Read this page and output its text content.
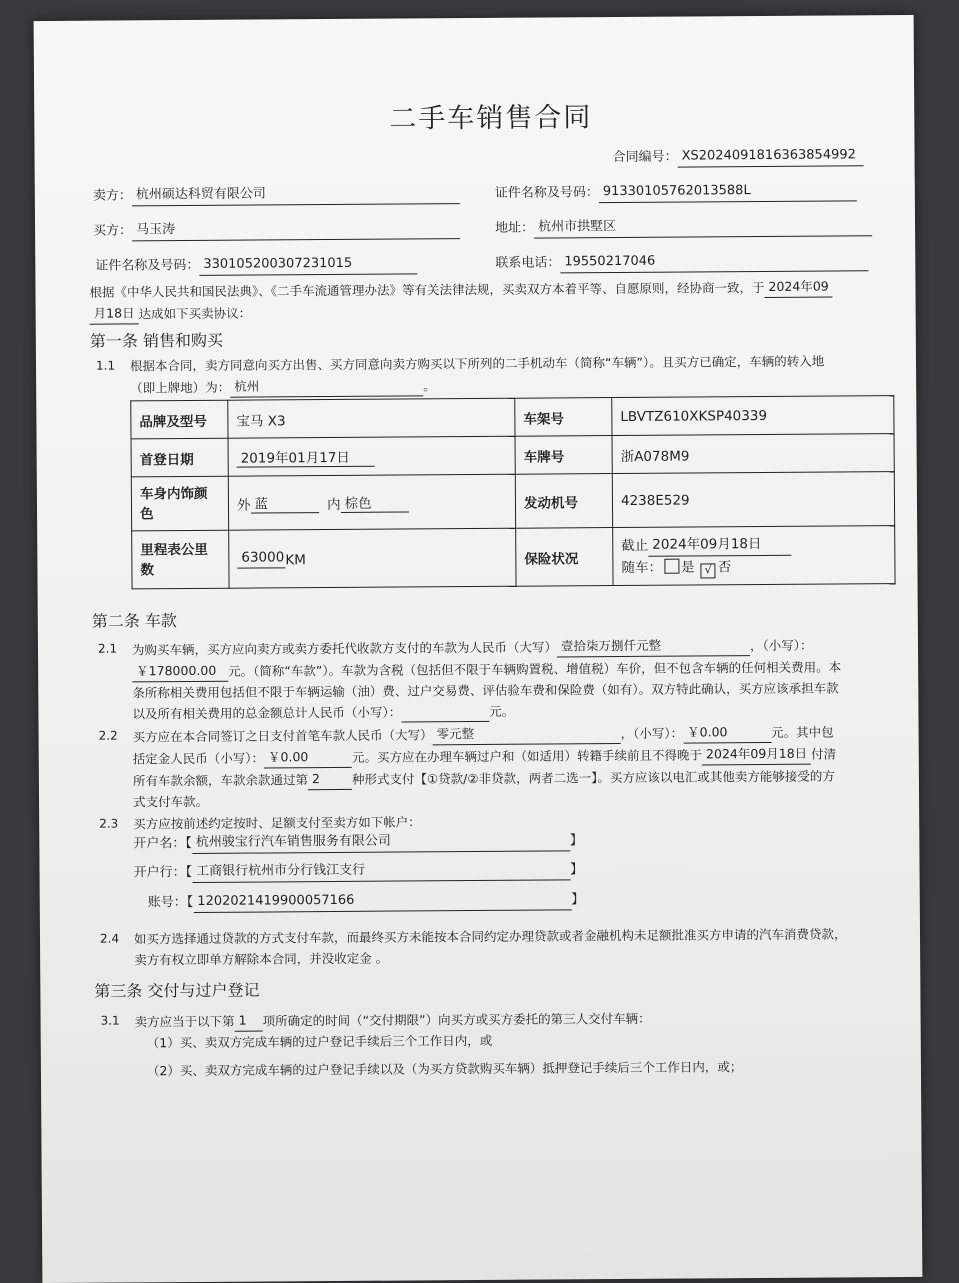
二手车销售合同
合同编号： XS2024091816363854992
卖方： 杭州硕达科贸有限公司	证件名称及号码： 91330105762013588L
买方： 马玉涛	地址： 杭州市拱墅区
证件名称及号码： 330105200307231015	联系电话： 19550217046
根据《中华人民共和国民法典》、《二手车流通管理办法》等有关法律法规，买卖双方本着平等、自愿原则，经协商一致，于 2024年09
月18日 达成如下买卖协议：
第一条 销售和购买
1.1 根据本合同，卖方同意向买方出售、买方同意向卖方购买以下所列的二手机动车（简称“车辆”）。且买方已确定，车辆的转入地
（即上牌地）为： 杭州	。
品牌及型号	宝马 X3	车架号	LBVTZ610XKSP40339
首登日期	2019年01月17日	车牌号	浙A078M9
车身内饰颜色	外 蓝 内 棕色	发动机号	4238E529
里程表公里数	63000KM	保险状况	截止 2024年09月18日
随车： 是 √ 否
第二条 车款
2.1 为购买车辆，买方应向卖方或卖方委托代收款方支付的车款为人民币（大写） 壹拾柒万捌仟元整	，（小写）：
￥178000.00 元。（简称“车款”）。车款为含税（包括但不限于车辆购置税、增值税）车价，但不包含车辆的任何相关费用。本
条所称相关费用包括但不限于车辆运输（油）费、过户交易费、评估验车费和保险费（如有）。双方特此确认，买方应该承担车款
以及所有相关费用的总金额总计人民币（小写）：	元。
2.2 买方应在本合同签订之日支付首笔车款人民币（大写） 零元整	，（小写）： ￥0.00	元。其中包
括定金人民币（小写）： ￥0.00	元。买方应在办理车辆过户和（如适用）转籍手续前且不得晚于 2024年09月18日 付清
所有车款余额，车款余款通过第 2	种形式支付【①贷款/②非贷款，两者二选一】。买方应该以电汇或其他卖方能够接受的方
式支付车款。
2.3 买方应按前述约定按时、足额支付至卖方如下帐户：
开户名：【 杭州骏宝行汽车销售服务有限公司	】
开户行：【 工商银行杭州市分行钱江支行	】
账号：【 1202021419900057166	】
2.4 如买方选择通过贷款的方式支付车款，而最终买方未能按本合同约定办理贷款或者金融机构未足额批准买方申请的汽车消费贷款，
卖方有权立即单方解除本合同，并没收定金 。
第三条 交付与过户登记
3.1 卖方应当于以下第 1 项所确定的时间（“交付期限”）向买方或买方委托的第三人交付车辆：
（1）买、卖双方完成车辆的过户登记手续后三个工作日内，或
（2）买、卖双方完成车辆的过户登记手续以及（为买方贷款购买车辆）抵押登记手续后三个工作日内，或；
